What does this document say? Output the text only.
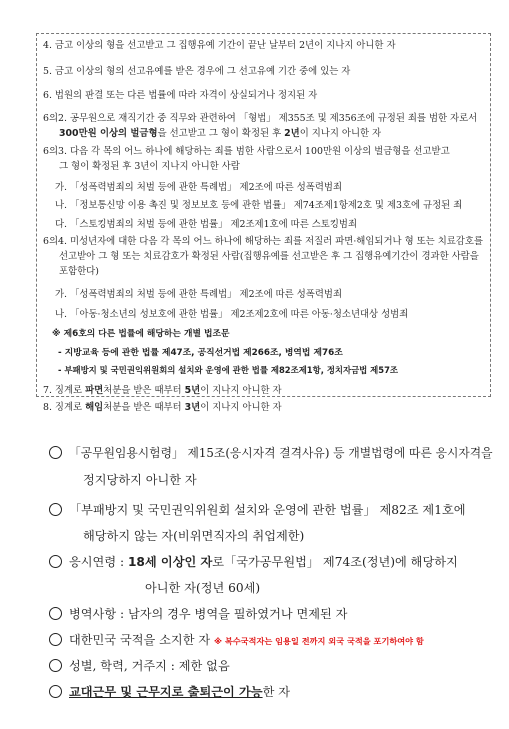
4. 금고 이상의 형을 선고받고 그 집행유예 기간이 끝난 날부터 2년이 지나지 아니한 자
5. 금고 이상의 형의 선고유예를 받은 경우에 그 선고유예 기간 중에 있는 자
6. 법원의 판결 또는 다른 법률에 따라 자격이 상실되거나 정지된 자
6의2. 공무원으로 재직기간 중 직무와 관련하여 「형법」 제355조 및 제356조에 규정된 죄를 범한 자로서
300만원 이상의 벌금형을 선고받고 그 형이 확정된 후 2년이 지나지 아니한 자
6의3. 다음 각 목의 어느 하나에 해당하는 죄를 범한 사람으로서 100만원 이상의 벌금형을 선고받고
그 형이 확정된 후 3년이 지나지 아니한 사람
가. 「성폭력범죄의 처벌 등에 관한 특례법」 제2조에 따른 성폭력범죄
나. 「정보통신망 이용 촉진 및 정보보호 등에 관한 법률」 제74조제1항제2호 및 제3호에 규정된 죄
다. 「스토킹범죄의 처벌 등에 관한 법률」 제2조제1호에 따른 스토킹범죄
6의4. 미성년자에 대한 다음 각 목의 어느 하나에 해당하는 죄를 저질러 파면·해임되거나 형 또는 치료감호를
선고받아 그 형 또는 치료감호가 확정된 사람(집행유예를 선고받은 후 그 집행유예기간이 경과한 사람을
포함한다)
가. 「성폭력범죄의 처벌 등에 관한 특례법」 제2조에 따른 성폭력범죄
나. 「아동·청소년의 성보호에 관한 법률」 제2조제2호에 따른 아동·청소년대상 성범죄
※ 제6호의 다른 법률에 해당하는 개별 법조문
- 지방교육 등에 관한 법률 제47조, 공직선거법 제266조, 병역법 제76조
- 부패방지 및 국민권익위원회의 설치와 운영에 관한 법률 제82조제1항, 정치자금법 제57조
7. 징계로 파면처분을 받은 때부터 5년이 지나지 아니한 자
8. 징계로 해임처분을 받은 때부터 3년이 지나지 아니한 자
「공무원임용시험령」 제15조(응시자격 결격사유) 등 개별법령에 따른 응시자격을
정지당하지 아니한 자
「부패방지 및 국민권익위원회 설치와 운영에 관한 법률」 제82조 제1호에
해당하지 않는 자(비위면직자의 취업제한)
응시연령 : 18세 이상인 자로「국가공무원법」 제74조(정년)에 해당하지
아니한 자(정년 60세)
병역사항 : 남자의 경우 병역을 필하였거나 면제된 자
대한민국 국적을 소지한 자 ※ 복수국적자는 임용일 전까지 외국 국적을 포기하여야 함
성별, 학력, 거주지 : 제한 없음
교대근무 및 근무지로 출퇴근이 가능한 자
